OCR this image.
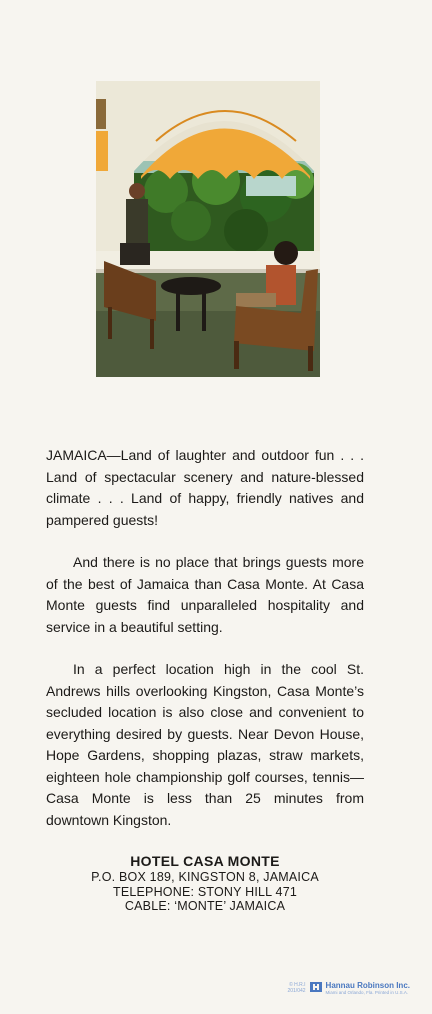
JAMAICA—Land of laughter and outdoor fun . . . Land of spectacular scenery and nature-blessed climate . . . Land of happy, friendly natives and pampered guests!

And there is no place that brings guests more of the best of Jamaica than Casa Monte. At Casa Monte guests find unparalleled hospitality and service in a beautiful setting.

In a perfect location high in the cool St. Andrews hills overlooking Kingston, Casa Monte’s secluded location is also close and convenient to everything desired by guests. Near Devon House, Hope Gardens, shopping plazas, straw markets, eighteen hole championship golf courses, tennis—Casa Monte is less than 25 minutes from downtown Kingston.

HOTEL CASA MONTE
P.O. BOX 189, KINGSTON 8, JAMAICA
TELEPHONE: STONY HILL 471
CABLE: ‘MONTE’ JAMAICA
© H.R.I
201/042
Hannau Robinson Inc.
Miami and Orlando, Fla. Printed in U.S.A.
